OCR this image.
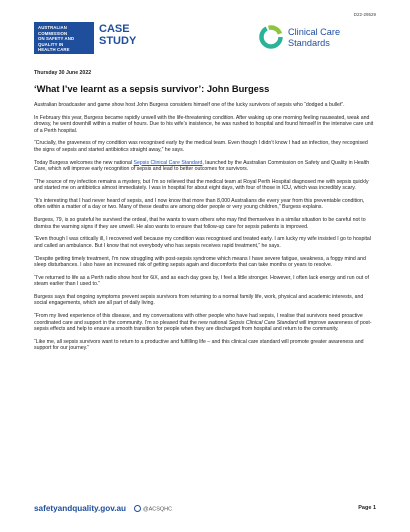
D22-29529
AUSTRALIAN
COMMISSION
ON SAFETY AND
QUALITY IN
HEALTH CARE
CASE
STUDY
Clinical Care
Standards
Thursday 30 June 2022
‘What I’ve learnt as a sepsis survivor’: John Burgess

Australian broadcaster and game show host John Burgess considers himself one of the lucky survivors of sepsis who “dodged a bullet”.

In February this year, Burgess became rapidly unwell with the life-threatening condition. After waking up one morning feeling nauseated, weak and drowsy, he went downhill within a matter of hours. Due to his wife’s insistence, he was rushed to hospital and found himself in the intensive care unit of a Perth hospital.

“Crucially, the graveness of my condition was recognised early by the medical team. Even though I didn’t know I had an infection, they recognised the signs of sepsis and started antibiotics straight away,” he says.

Today Burgess welcomes the new national Sepsis Clinical Care Standard, launched by the Australian Commission on Safety and Quality in Health Care, which will improve early recognition of sepsis and lead to better outcomes for survivors.

“The source of my infection remains a mystery, but I’m so relieved that the medical team at Royal Perth Hospital diagnosed me with sepsis quickly and started me on antibiotics almost immediately. I was in hospital for about eight days, with four of those in ICU, which was incredibly scary.

“It’s interesting that I had never heard of sepsis, and I now know that more than 8,000 Australians die every year from this preventable condition, often within a matter of a day or two. Many of these deaths are among older people or very young children,” Burgess explains.

Burgess, 79, is so grateful he survived the ordeal, that he wants to warn others who may find themselves in a similar situation to be careful not to dismiss the warning signs if they are unwell. He also wants to ensure that follow-up care for sepsis patients is improved.

“Even though I was critically ill, I recovered well because my condition was recognised and treated early. I am lucky my wife insisted I go to hospital and called an ambulance. But I know that not everybody who has sepsis receives rapid treatment,” he says.

“Despite getting timely treatment, I’m now struggling with post-sepsis syndrome which means I have severe fatigue, weakness, a foggy mind and sleep disturbances. I also have an increased risk of getting sepsis again and discomforts that can take months or years to resolve.

“I’ve returned to life as a Perth radio show host for 6iX, and as each day goes by, I feel a little stronger. However, I often lack energy and run out of steam earlier than I used to.”

Burgess says that ongoing symptoms prevent sepsis survivors from returning to a normal family life, work, physical and academic interests, and social engagements, which are all part of daily living.

“From my lived experience of this disease, and my conversations with other people who have had sepsis, I realise that survivors need proactive coordinated care and support in the community. I’m so pleased that the new national Sepsis Clinical Care Standard will improve awareness of post-sepsis effects and help to ensure a smooth transition for people when they are discharged from hospital and return to the community.

“Like me, all sepsis survivors want to return to a productive and fulfilling life – and this clinical care standard will promote greater awareness and support for our journey.”

safetyandquality.gov.au	@ACSQHC	Page 1
